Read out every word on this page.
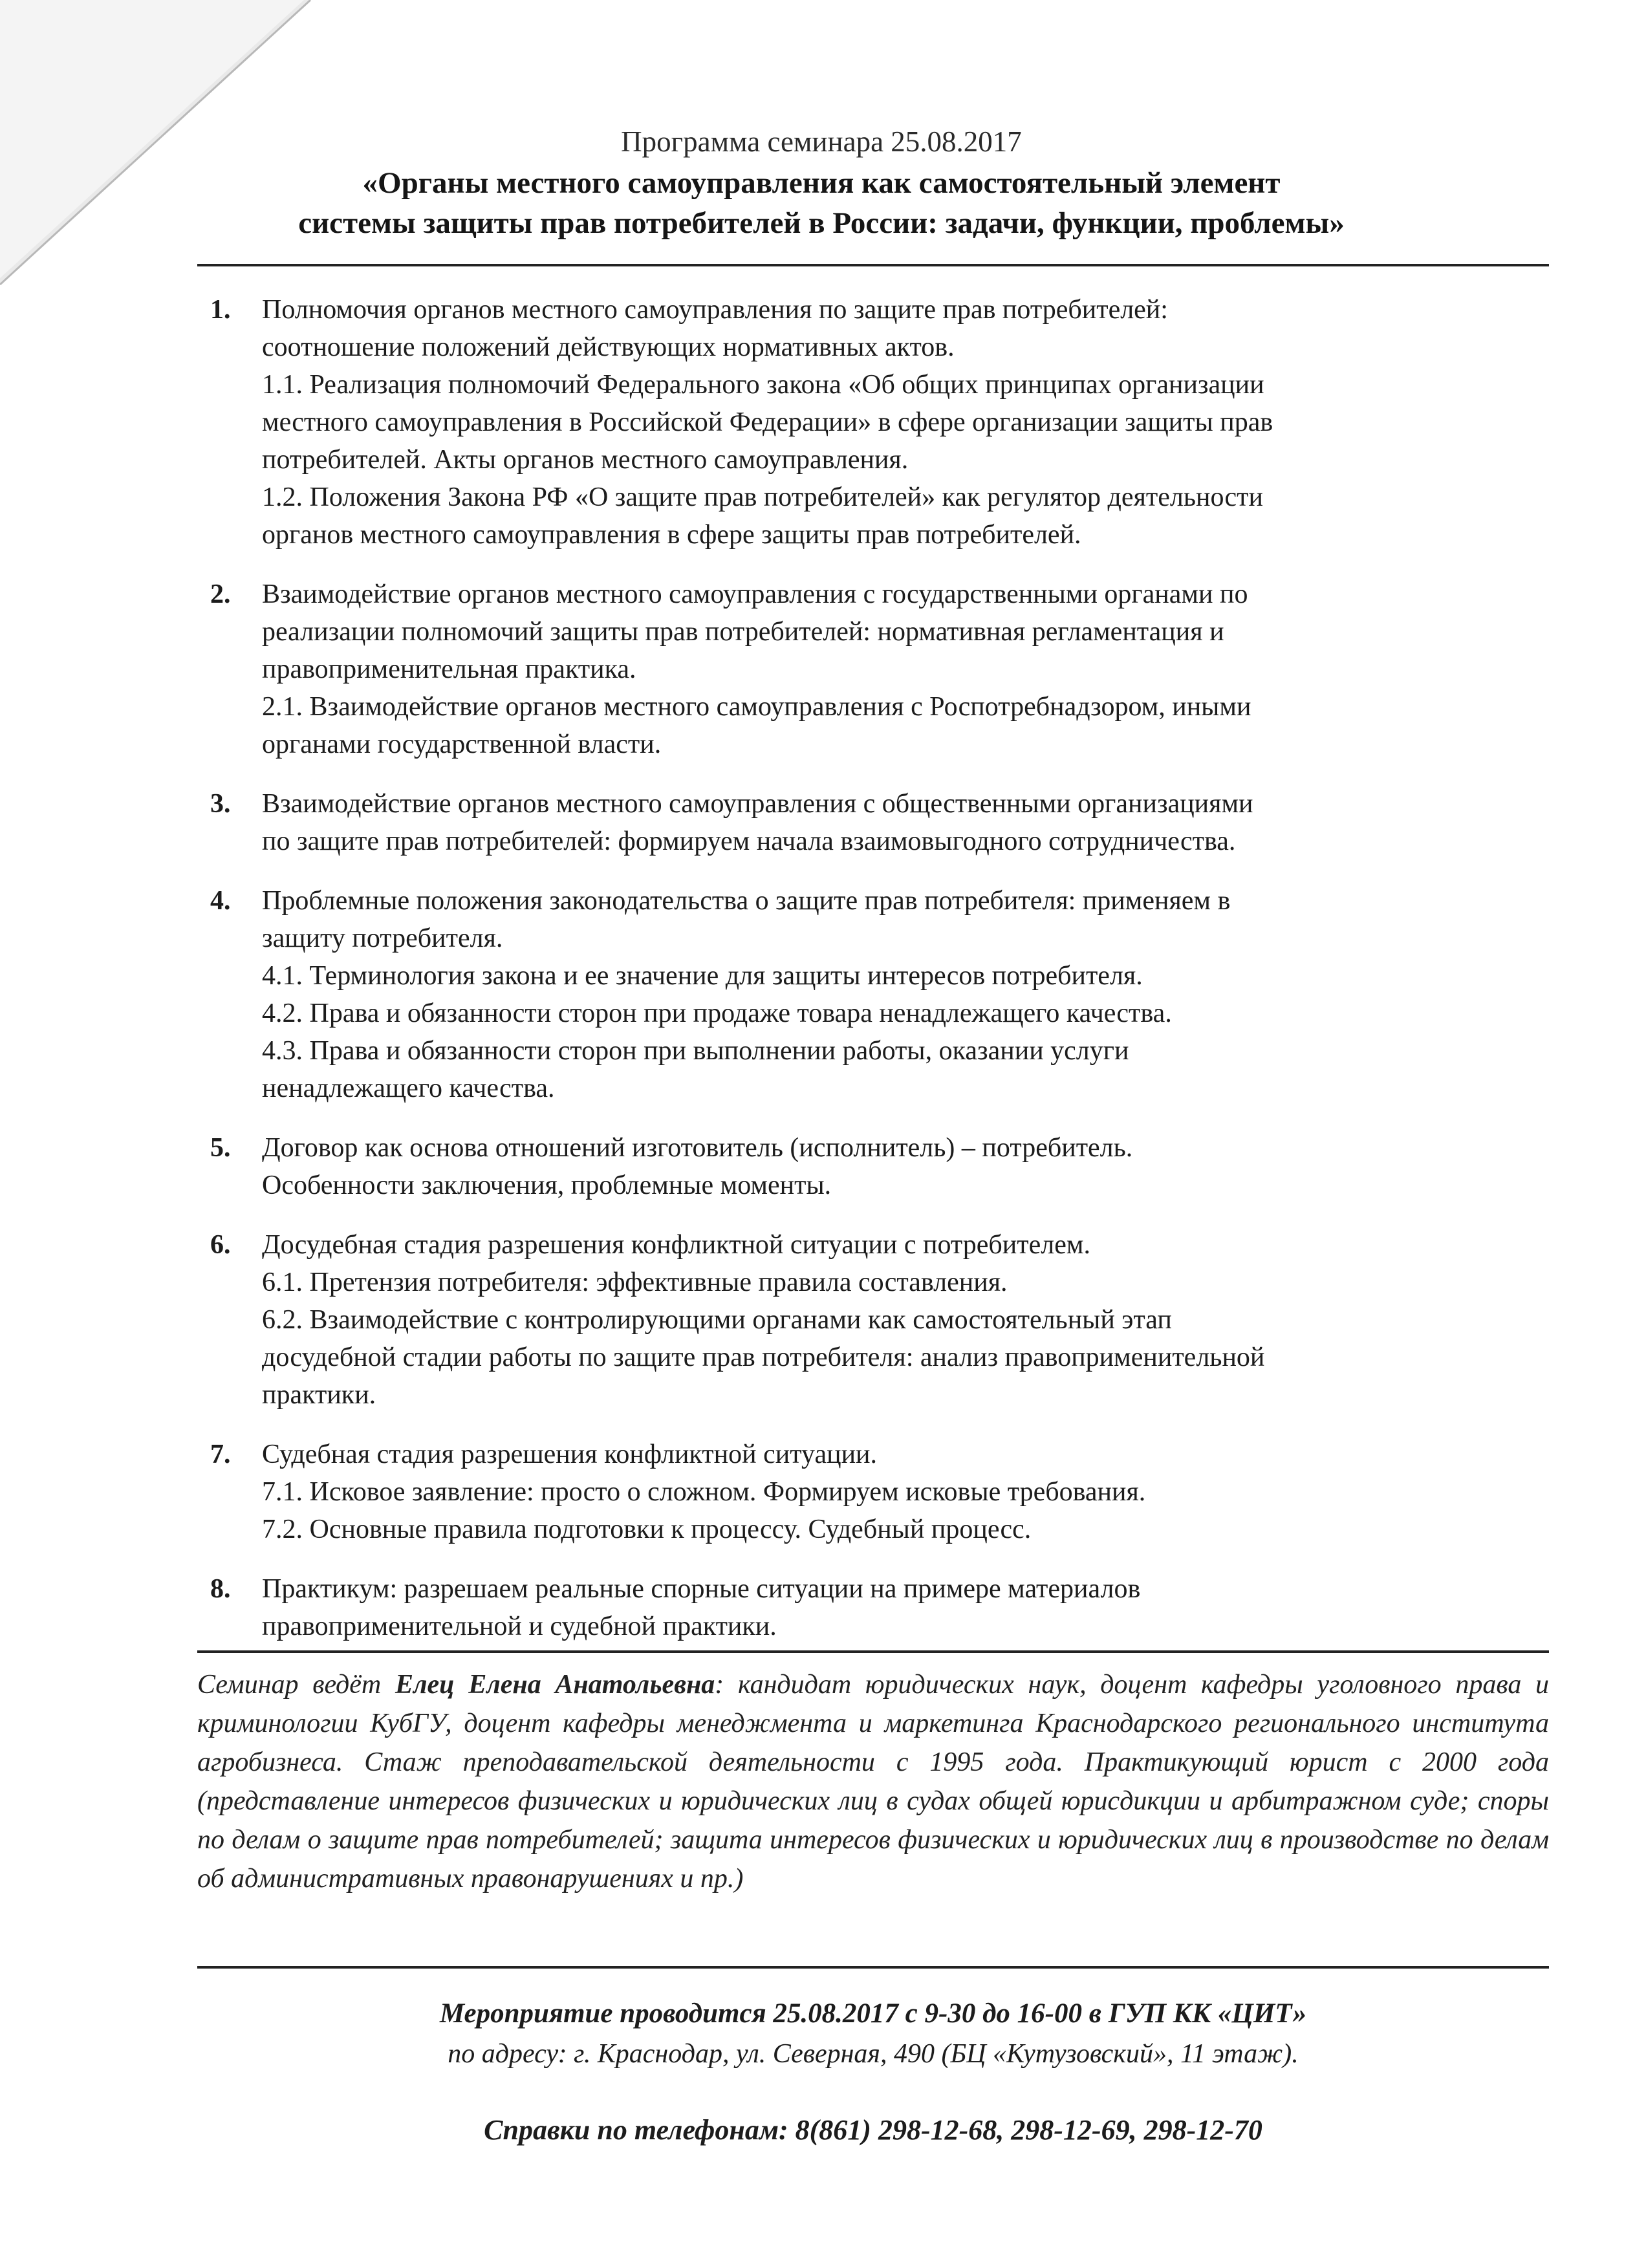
Программа семинара 25.08.2017
«Органы местного самоуправления как самостоятельный элемент
системы защиты прав потребителей в России: задачи, функции, проблемы»
1. Полномочия органов местного самоуправления по защите прав потребителей:
соотношение положений действующих нормативных актов.
1.1. Реализация полномочий Федерального закона «Об общих принципах организации
местного самоуправления в Российской Федерации» в сфере организации защиты прав
потребителей. Акты органов местного самоуправления.
1.2. Положения Закона РФ «О защите прав потребителей» как регулятор деятельности
органов местного самоуправления в сфере защиты прав потребителей.
2. Взаимодействие органов местного самоуправления с государственными органами по
реализации полномочий защиты прав потребителей: нормативная регламентация и
правоприменительная практика.
2.1. Взаимодействие органов местного самоуправления с Роспотребнадзором, иными
органами государственной власти.
3. Взаимодействие органов местного самоуправления с общественными организациями
по защите прав потребителей: формируем начала взаимовыгодного сотрудничества.
4. Проблемные положения законодательства о защите прав потребителя: применяем в
защиту потребителя.
4.1. Терминология закона и ее значение для защиты интересов потребителя.
4.2. Права и обязанности сторон при продаже товара ненадлежащего качества.
4.3. Права и обязанности сторон при выполнении работы, оказании услуги
ненадлежащего качества.
5. Договор как основа отношений изготовитель (исполнитель) – потребитель.
Особенности заключения, проблемные моменты.
6. Досудебная стадия разрешения конфликтной ситуации с потребителем.
6.1. Претензия потребителя: эффективные правила составления.
6.2. Взаимодействие с контролирующими органами как самостоятельный этап
досудебной стадии работы по защите прав потребителя: анализ правоприменительной
практики.
7. Судебная стадия разрешения конфликтной ситуации.
7.1. Исковое заявление: просто о сложном. Формируем исковые требования.
7.2. Основные правила подготовки к процессу. Судебный процесс.
8. Практикум: разрешаем реальные спорные ситуации на примере материалов
правоприменительной и судебной практики.
Семинар ведёт Елец Елена Анатольевна: кандидат юридических наук, доцент кафедры уголовного права и криминологии КубГУ, доцент кафедры менеджмента и маркетинга Краснодарского регионального института агробизнеса. Стаж преподавательской деятельности с 1995 года. Практикующий юрист с 2000 года (представление интересов физических и юридических лиц в судах общей юрисдикции и арбитражном суде; споры по делам о защите прав потребителей; защита интересов физических и юридических лиц в производстве по делам об административных правонарушениях и пр.)
Мероприятие проводится 25.08.2017 с 9-30 до 16-00 в ГУП КК «ЦИТ»
по адресу: г. Краснодар, ул. Северная, 490 (БЦ «Кутузовский», 11 этаж).
Справки по телефонам: 8(861) 298-12-68, 298-12-69, 298-12-70
